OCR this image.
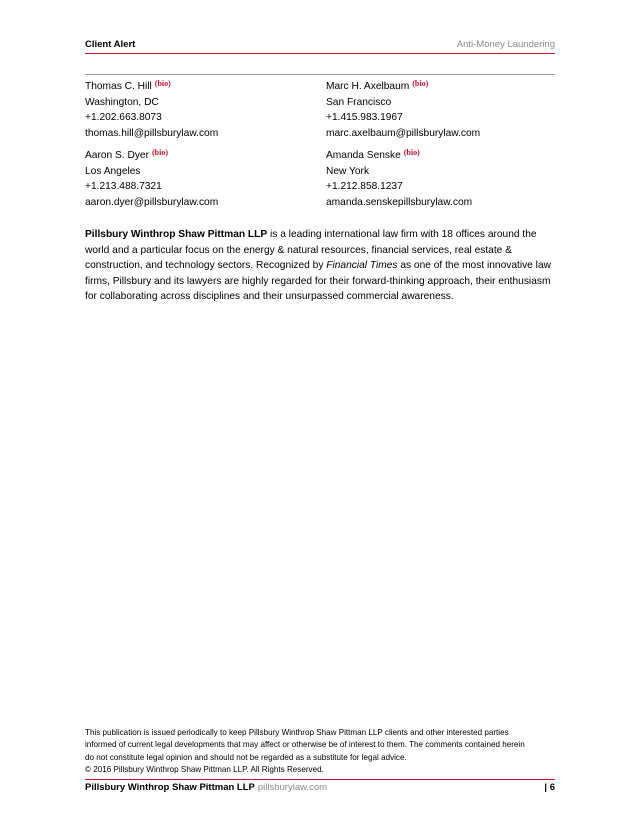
Client Alert	Anti-Money Laundering
Thomas C. Hill $^{(bio)}$
Washington, DC
+1.202.663.8073
thomas.hill@pillsburylaw.com
Marc H. Axelbaum $^{(bio)}$
San Francisco
+1.415.983.1967
marc.axelbaum@pillsburylaw.com
Aaron S. Dyer $^{(bio)}$
Los Angeles
+1.213.488.7321
aaron.dyer@pillsburylaw.com
Amanda Senske $^{(bio)}$
New York
+1.212.858.1237
amanda.senskepillsburylaw.com
Pillsbury Winthrop Shaw Pittman LLP is a leading international law firm with 18 offices around the world and a particular focus on the energy & natural resources, financial services, real estate & construction, and technology sectors. Recognized by Financial Times as one of the most innovative law firms, Pillsbury and its lawyers are highly regarded for their forward-thinking approach, their enthusiasm for collaborating across disciplines and their unsurpassed commercial awareness.
This publication is issued periodically to keep Pillsbury Winthrop Shaw Pittman LLP clients and other interested parties
informed of current legal developments that may affect or otherwise be of interest to them. The comments contained herein
do not constitute legal opinion and should not be regarded as a substitute for legal advice.
© 2016 Pillsbury Winthrop Shaw Pittman LLP. All Rights Reserved.
Pillsbury Winthrop Shaw Pittman LLP pillsburylaw.com	| 6
